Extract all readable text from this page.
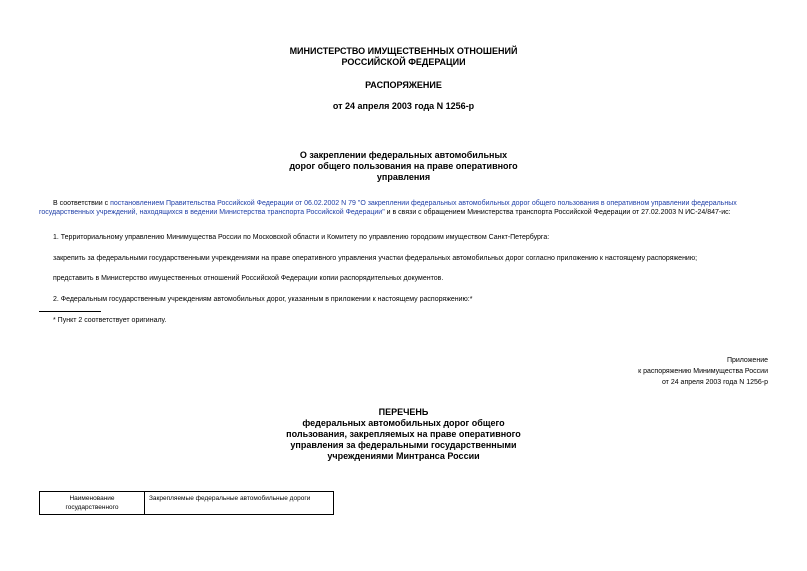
МИНИСТЕРСТВО ИМУЩЕСТВЕННЫХ ОТНОШЕНИЙ
РОССИЙСКОЙ ФЕДЕРАЦИИ
РАСПОРЯЖЕНИЕ
от 24 апреля 2003 года N 1256-р
О закреплении федеральных автомобильных
дорог общего пользования на праве оперативного
управления
В соответствии с постановлением Правительства Российской Федерации от 06.02.2002 N 79 "О закреплении федеральных автомобильных дорог общего пользования в оперативном управлении федеральных
государственных учреждений, находящихся в ведении Министерства транспорта Российской Федерации" и в связи с обращением Министерства транспорта Российской Федерации от 27.02.2003 N ИС-24/847-ис:
1. Территориальному управлению Минимущества России по Московской области и Комитету по управлению городским имуществом Санкт-Петербурга:
закрепить за федеральными государственными учреждениями на праве оперативного управления участки федеральных автомобильных дорог согласно приложению к настоящему распоряжению;
представить в Министерство имущественных отношений Российской Федерации копии распорядительных документов.
2. Федеральным государственным учреждениям автомобильных дорог, указанным в приложении к настоящему распоряжению:*
* Пункт 2 соответствует оригиналу.
Приложение
к распоряжению Минимущества России
от 24 апреля 2003 года N 1256-р
ПЕРЕЧЕНЬ
федеральных автомобильных дорог общего
пользования, закрепляемых на праве оперативного
управления за федеральными государственными
учреждениями Минтранса России
Наименование
государственного
	Закрепляемые федеральные автомобильные дороги
